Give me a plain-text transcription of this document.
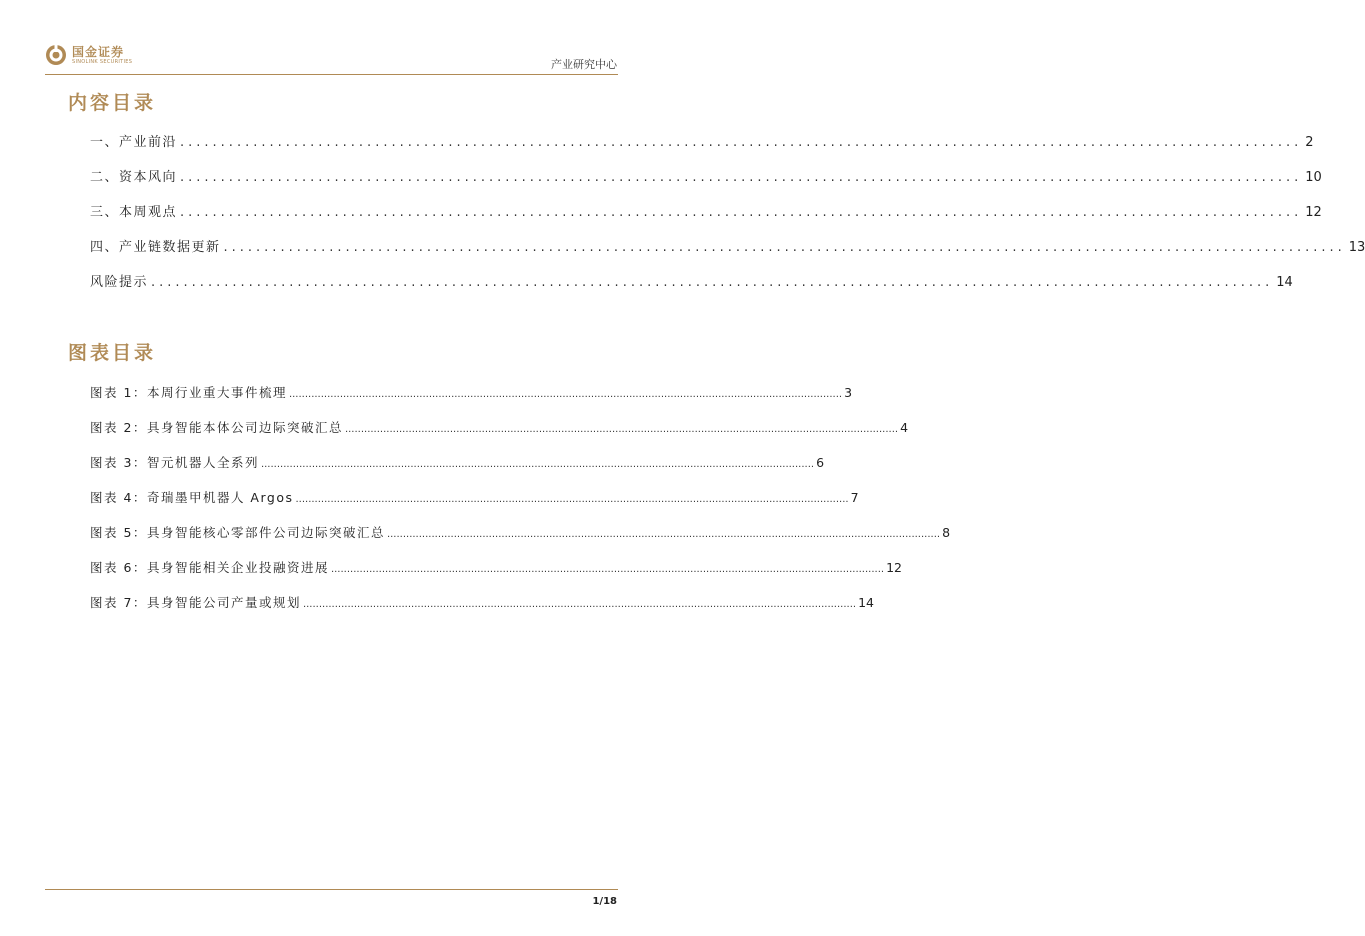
国金证券
SINOLINK SECURITIES	产业研究中心
内容目录
一、产业前沿 .......................................................................................................................................... 2
二、资本风向 .......................................................................................................................................... 10
三、本周观点 .......................................................................................................................................... 12
四、产业链数据更新 .......................................................................................................................................... 13
风险提示 .......................................................................................................................................... 14
图表目录
图表 1： 本周行业重大事件梳理 .............................................................................................................................................................................. 3
图表 2： 具身智能本体公司边际突破汇总 .............................................................................................................................................................................. 4
图表 3： 智元机器人全系列 .............................................................................................................................................................................. 6
图表 4： 奇瑞墨甲机器人 Argos .............................................................................................................................................................................. 7
图表 5： 具身智能核心零部件公司边际突破汇总 .............................................................................................................................................................................. 8
图表 6： 具身智能相关企业投融资进展 .............................................................................................................................................................................. 12
图表 7： 具身智能公司产量或规划 .............................................................................................................................................................................. 14
1/18
